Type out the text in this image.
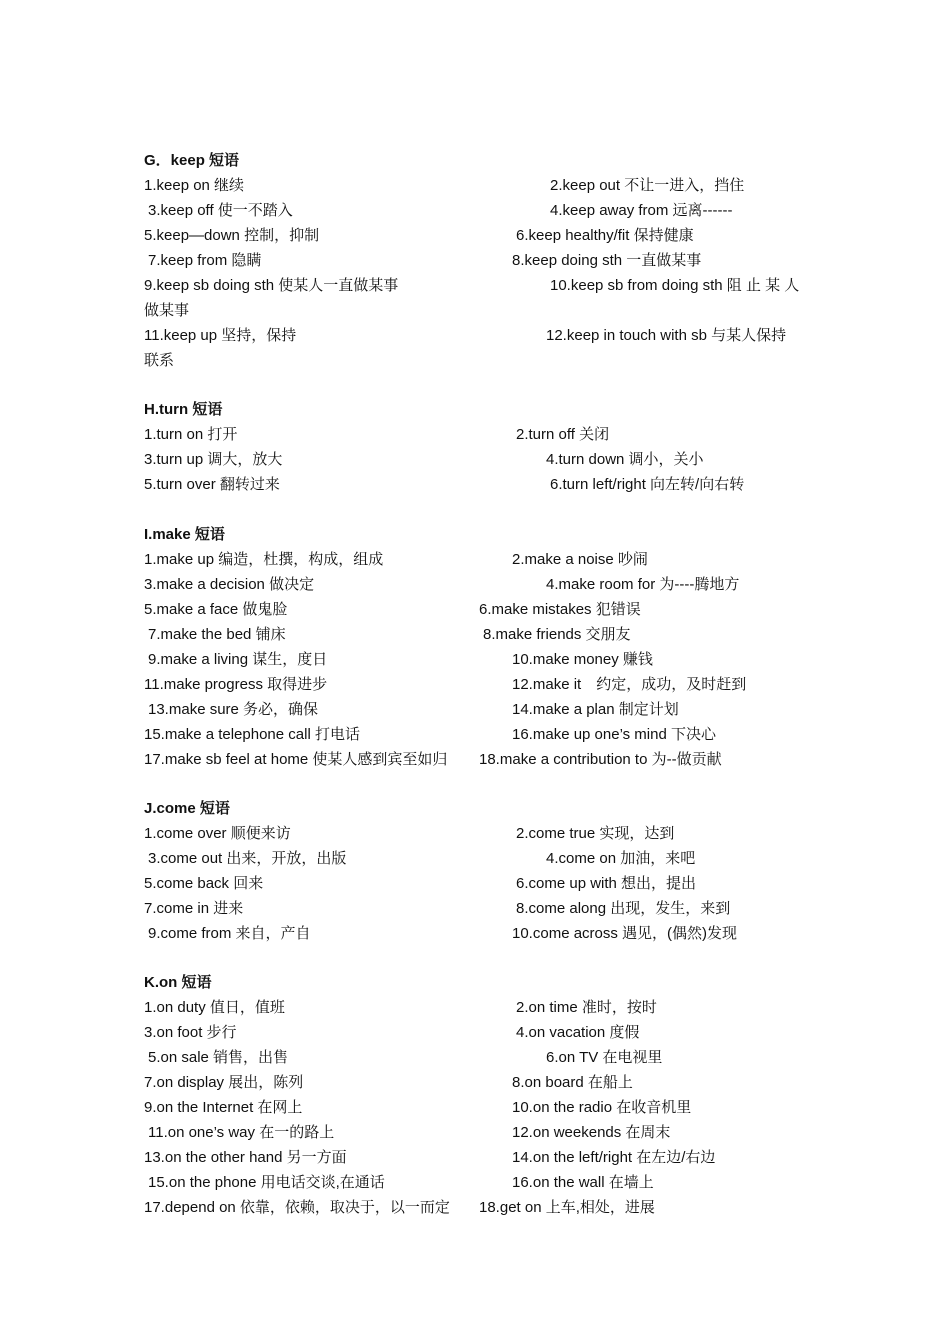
G．keep 短语
1.keep on 继续	2.keep out 不让一进入，挡住
3.keep off 使一不踏入	4.keep away from 远离------
5.keep—down 控制，抑制	6.keep healthy/fit 保持健康
7.keep from 隐瞒	8.keep doing sth 一直做某事
9.keep sb doing sth 使某人一直做某事	10.keep sb from doing sth 阻 止 某 人
做某事
11.keep up 坚持，保持	12.keep in touch with sb 与某人保持
联系
H.turn 短语
1.turn on 打开	2.turn off 关闭
3.turn up 调大，放大	4.turn down 调小，关小
5.turn over 翻转过来	6.turn left/right 向左转/向右转
I.make 短语
1.make up 编造，杜撰，构成，组成	2.make a noise 吵闹
3.make a decision 做决定	4.make room for 为----腾地方
5.make a face 做鬼脸	6.make mistakes 犯错误
7.make the bed 铺床	8.make friends 交朋友
9.make a living 谋生，度日	10.make money 赚钱
11.make progress 取得进步	12.make it　约定，成功，及时赶到
13.make sure 务必，确保	14.make a plan 制定计划
15.make a telephone call 打电话	16.make up one’s mind 下决心
17.make sb feel at home 使某人感到宾至如归 18.make a contribution to 为--做贡献
J.come 短语
1.come over 顺便来访	2.come true 实现，达到
3.come out 出来，开放，出版	4.come on 加油，来吧
5.come back 回来	6.come up with 想出，提出
7.come in 进来	8.come along 出现，发生，来到
9.come from 来自，产自	10.come across 遇见，(偶然)发现
K.on 短语
1.on duty 值日，值班	2.on time 准时，按时
3.on foot 步行	4.on vacation 度假
5.on sale 销售，出售	6.on TV 在电视里
7.on display 展出，陈列	8.on board 在船上
9.on the Internet 在网上	10.on the radio 在收音机里
11.on one’s way 在一的路上	12.on weekends 在周末
13.on the other hand 另一方面	14.on the left/right 在左边/右边
15.on the phone 用电话交谈,在通话	16.on the wall 在墙上
17.depend on 依靠，依赖，取决于，以一而定 18.get on 上车,相处，进展
